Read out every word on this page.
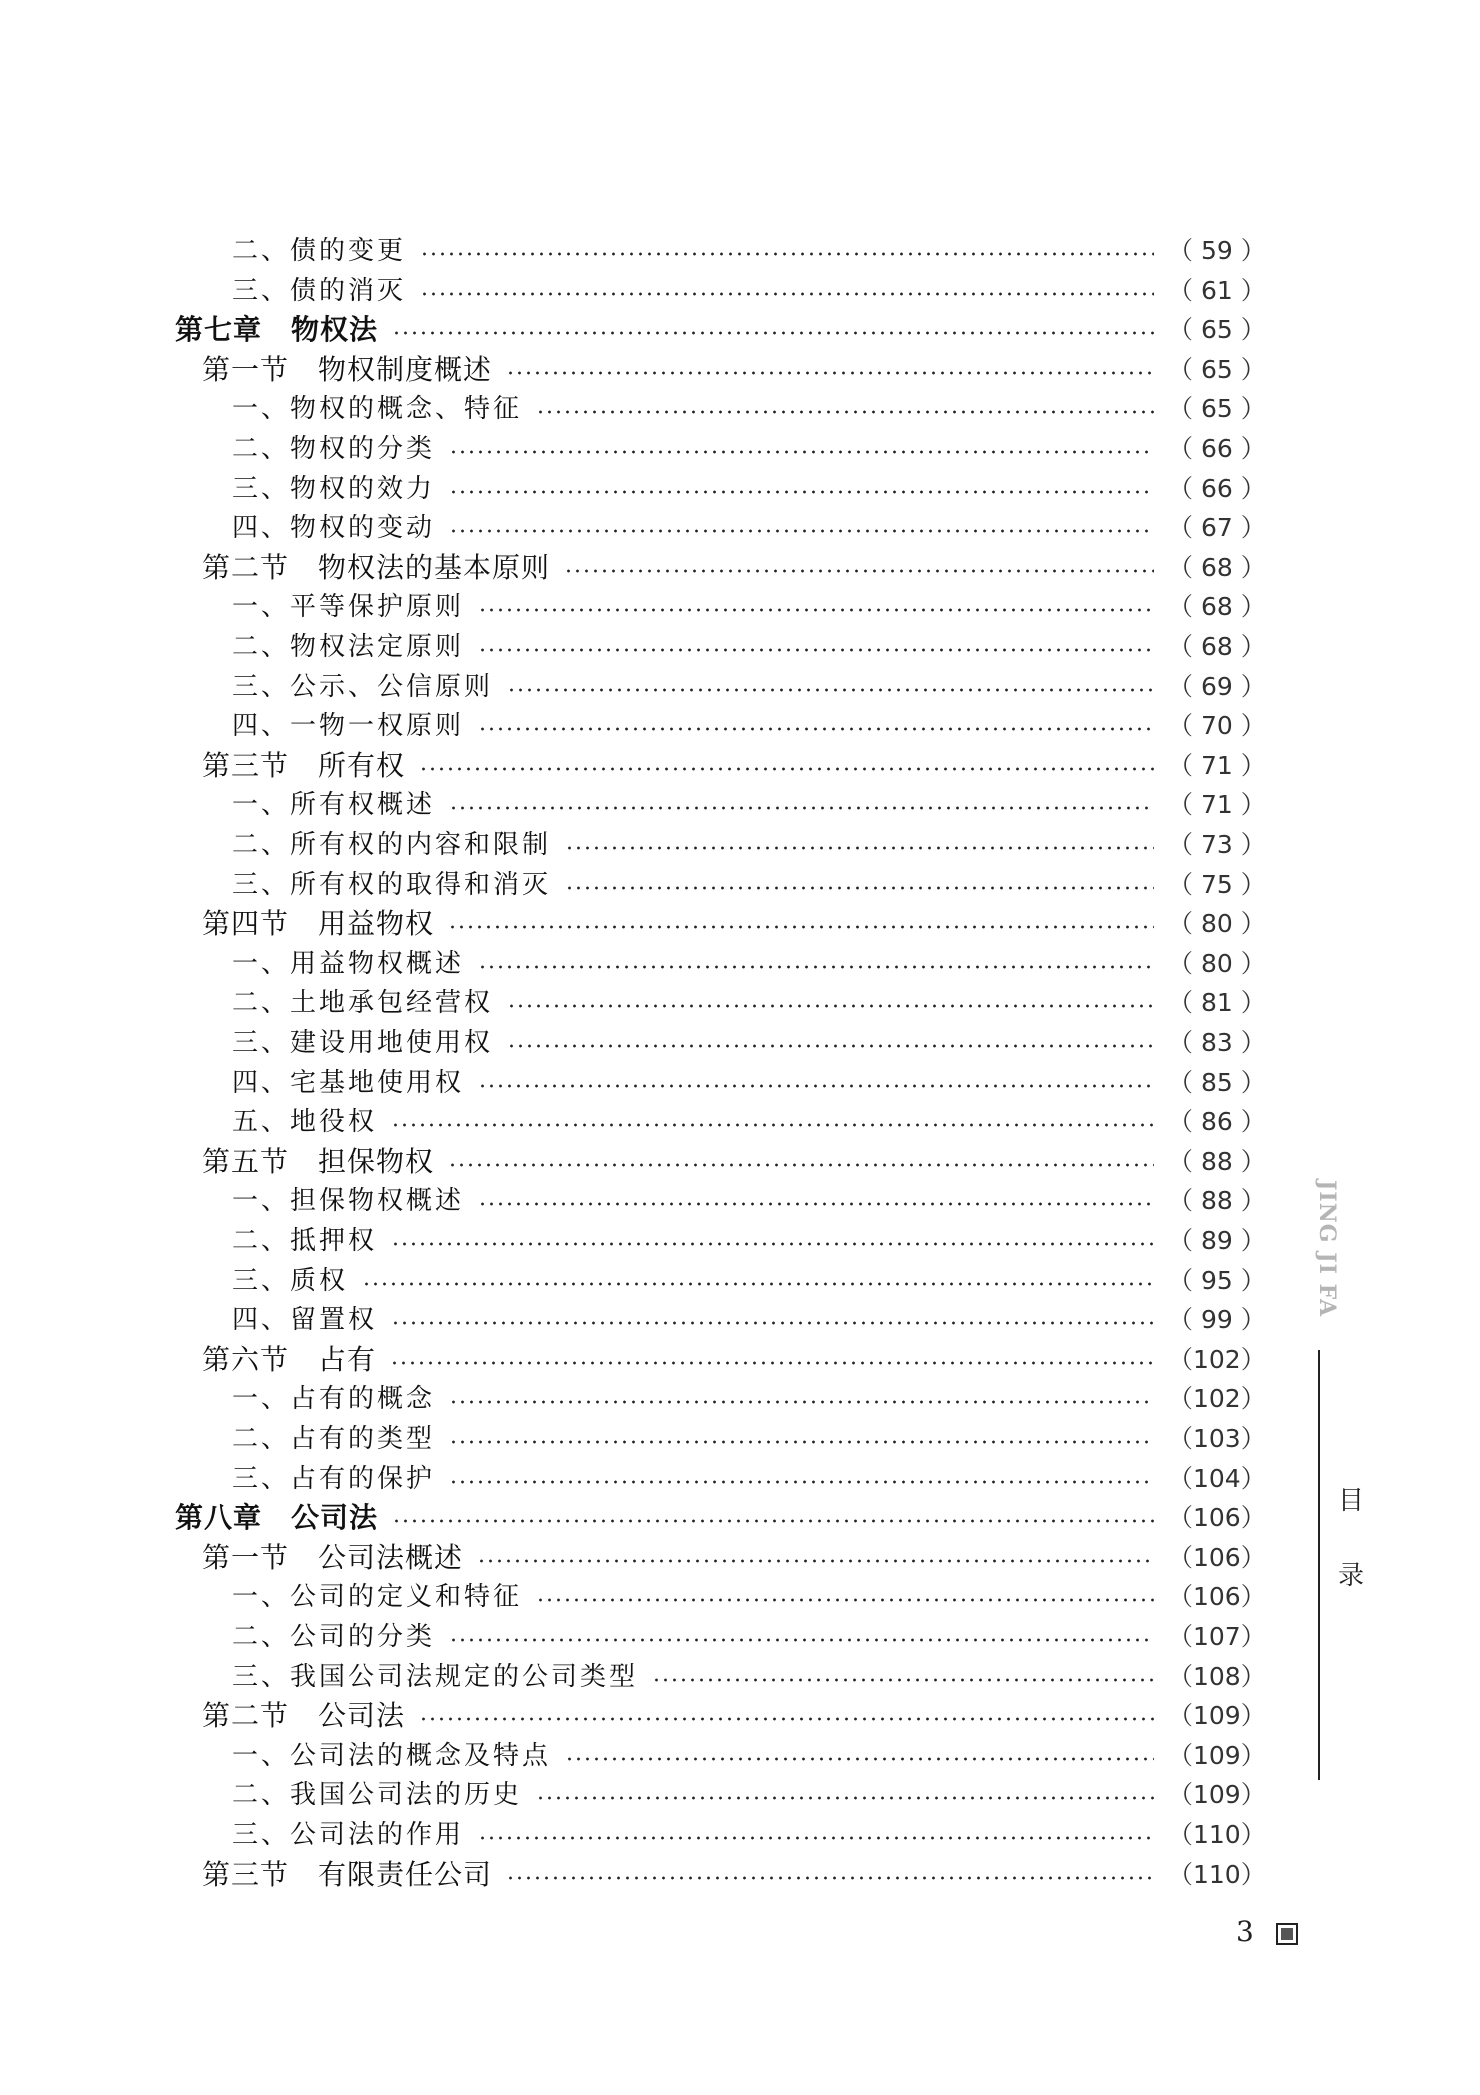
二、债的变更	（ 59 ）
三、债的消灭	（ 61 ）
第七章　物权法	（ 65 ）
第一节　物权制度概述	（ 65 ）
一、物权的概念、特征	（ 65 ）
二、物权的分类	（ 66 ）
三、物权的效力	（ 66 ）
四、物权的变动	（ 67 ）
第二节　物权法的基本原则	（ 68 ）
一、平等保护原则	（ 68 ）
二、物权法定原则	（ 68 ）
三、公示、公信原则	（ 69 ）
四、一物一权原则	（ 70 ）
第三节　所有权	（ 71 ）
一、所有权概述	（ 71 ）
二、所有权的内容和限制	（ 73 ）
三、所有权的取得和消灭	（ 75 ）
第四节　用益物权	（ 80 ）
一、用益物权概述	（ 80 ）
二、土地承包经营权	（ 81 ）
三、建设用地使用权	（ 83 ）
四、宅基地使用权	（ 85 ）
五、地役权	（ 86 ）
第五节　担保物权	（ 88 ）
一、担保物权概述	（ 88 ）
二、抵押权	（ 89 ）
三、质权	（ 95 ）
四、留置权	（ 99 ）
第六节　占有	（102）
一、占有的概念	（102）
二、占有的类型	（103）
三、占有的保护	（104）
第八章　公司法	（106）
第一节　公司法概述	（106）
一、公司的定义和特征	（106）
二、公司的分类	（107）
三、我国公司法规定的公司类型	（108）
第二节　公司法	（109）
一、公司法的概念及特点	（109）
二、我国公司法的历史	（109）
三、公司法的作用	（110）
第三节　有限责任公司	（110）
JING JI FA
目
录
3
